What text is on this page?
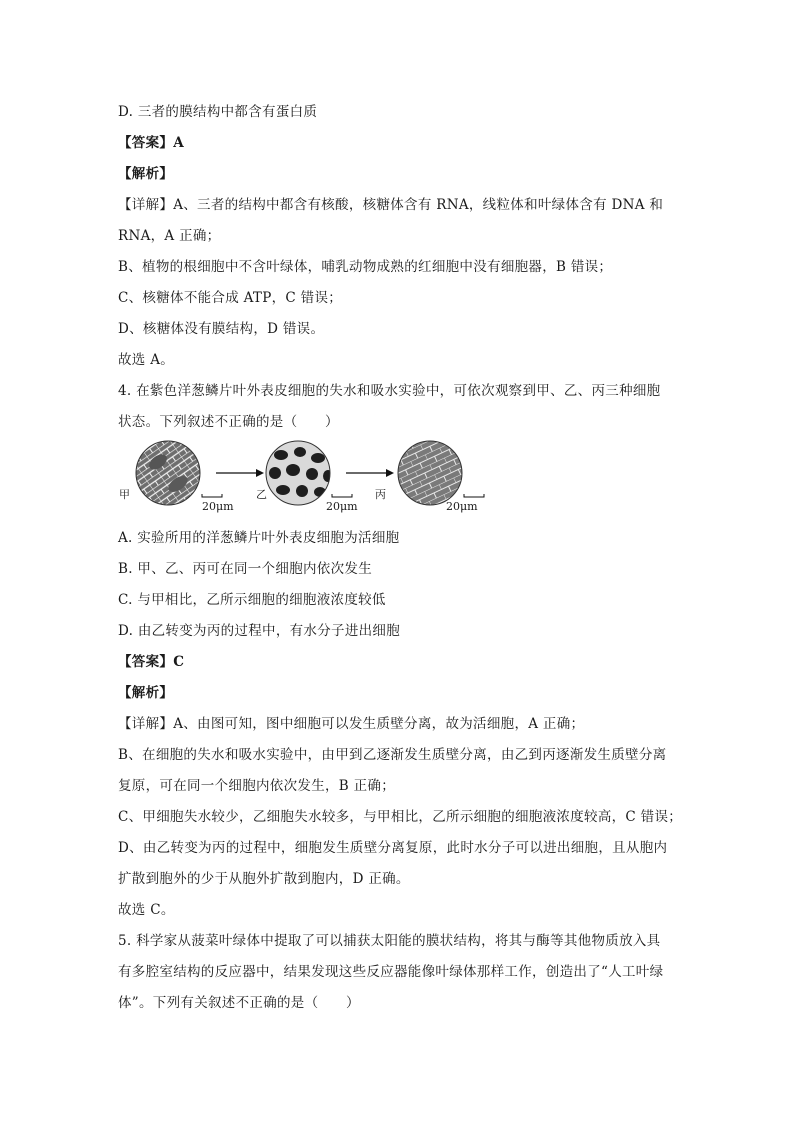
D. 三者的膜结构中都含有蛋白质
【答案】A
【解析】
【详解】A、三者的结构中都含有核酸，核糖体含有 RNA，线粒体和叶绿体含有 DNA 和
RNA，A 正确；
B、植物的根细胞中不含叶绿体，哺乳动物成熟的红细胞中没有细胞器，B 错误；
C、核糖体不能合成 ATP，C 错误；
D、核糖体没有膜结构，D 错误。
故选 A。
4. 在紫色洋葱鳞片叶外表皮细胞的失水和吸水实验中，可依次观察到甲、乙、丙三种细胞
状态。下列叙述不正确的是（　　）
甲	乙	丙
20μm	20μm	20μm
A. 实验所用的洋葱鳞片叶外表皮细胞为活细胞
B. 甲、乙、丙可在同一个细胞内依次发生
C. 与甲相比，乙所示细胞的细胞液浓度较低
D. 由乙转变为丙的过程中，有水分子进出细胞
【答案】C
【解析】
【详解】A、由图可知，图中细胞可以发生质壁分离，故为活细胞，A 正确；
B、在细胞的失水和吸水实验中，由甲到乙逐渐发生质壁分离，由乙到丙逐渐发生质壁分离
复原，可在同一个细胞内依次发生，B 正确；
C、甲细胞失水较少，乙细胞失水较多，与甲相比，乙所示细胞的细胞液浓度较高，C 错误；
D、由乙转变为丙的过程中，细胞发生质壁分离复原，此时水分子可以进出细胞，且从胞内
扩散到胞外的少于从胞外扩散到胞内，D 正确。
故选 C。
5. 科学家从菠菜叶绿体中提取了可以捕获太阳能的膜状结构，将其与酶等其他物质放入具
有多腔室结构的反应器中，结果发现这些反应器能像叶绿体那样工作，创造出了“人工叶绿
体”。下列有关叙述不正确的是（　　）
